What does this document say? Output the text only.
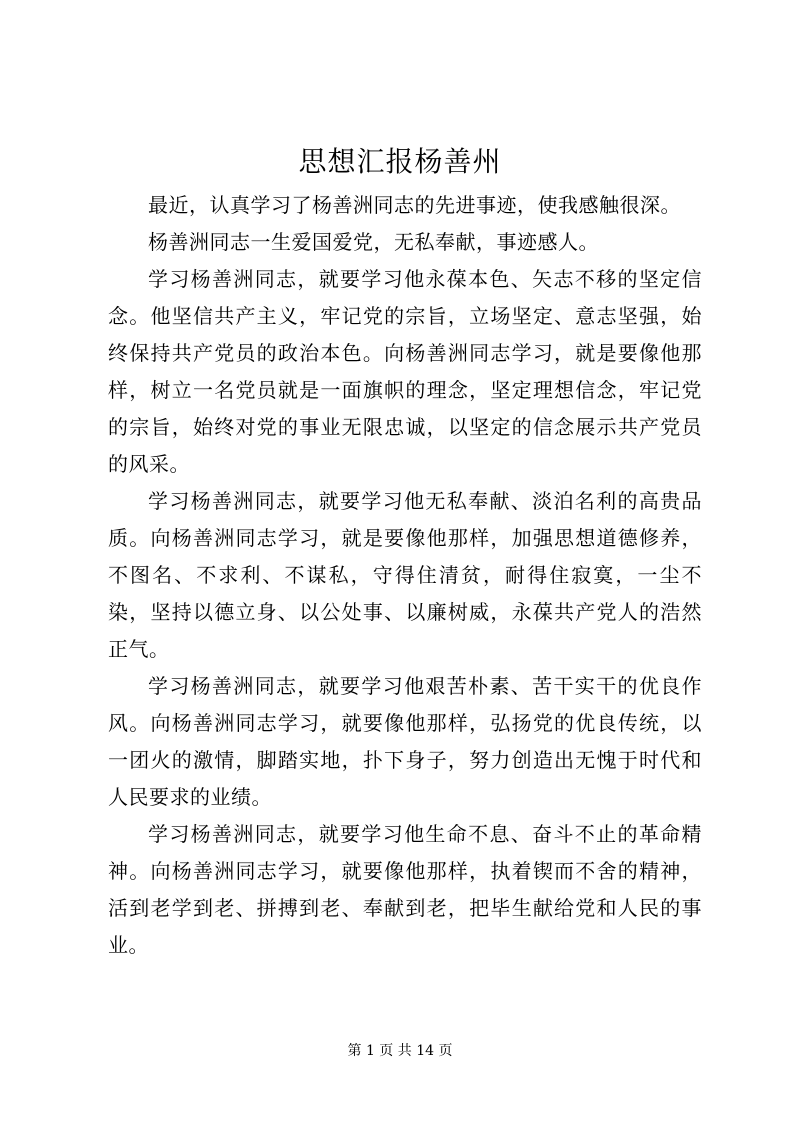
思想汇报杨善州

最近，认真学习了杨善洲同志的先进事迹，使我感触很深。

杨善洲同志一生爱国爱党，无私奉献，事迹感人。

学习杨善洲同志，就要学习他永葆本色、矢志不移的坚定信念。他坚信共产主义，牢记党的宗旨，立场坚定、意志坚强，始终保持共产党员的政治本色。向杨善洲同志学习，就是要像他那样，树立一名党员就是一面旗帜的理念，坚定理想信念，牢记党的宗旨，始终对党的事业无限忠诚，以坚定的信念展示共产党员的风采。

学习杨善洲同志，就要学习他无私奉献、淡泊名利的高贵品质。向杨善洲同志学习，就是要像他那样，加强思想道德修养，不图名、不求利、不谋私，守得住清贫，耐得住寂寞，一尘不染，坚持以德立身、以公处事、以廉树威，永葆共产党人的浩然正气。

学习杨善洲同志，就要学习他艰苦朴素、苦干实干的优良作风。向杨善洲同志学习，就要像他那样，弘扬党的优良传统，以一团火的激情，脚踏实地，扑下身子，努力创造出无愧于时代和人民要求的业绩。

学习杨善洲同志，就要学习他生命不息、奋斗不止的革命精神。向杨善洲同志学习，就要像他那样，执着锲而不舍的精神，活到老学到老、拼搏到老、奉献到老，把毕生献给党和人民的事业。

第 1 页 共 14 页
